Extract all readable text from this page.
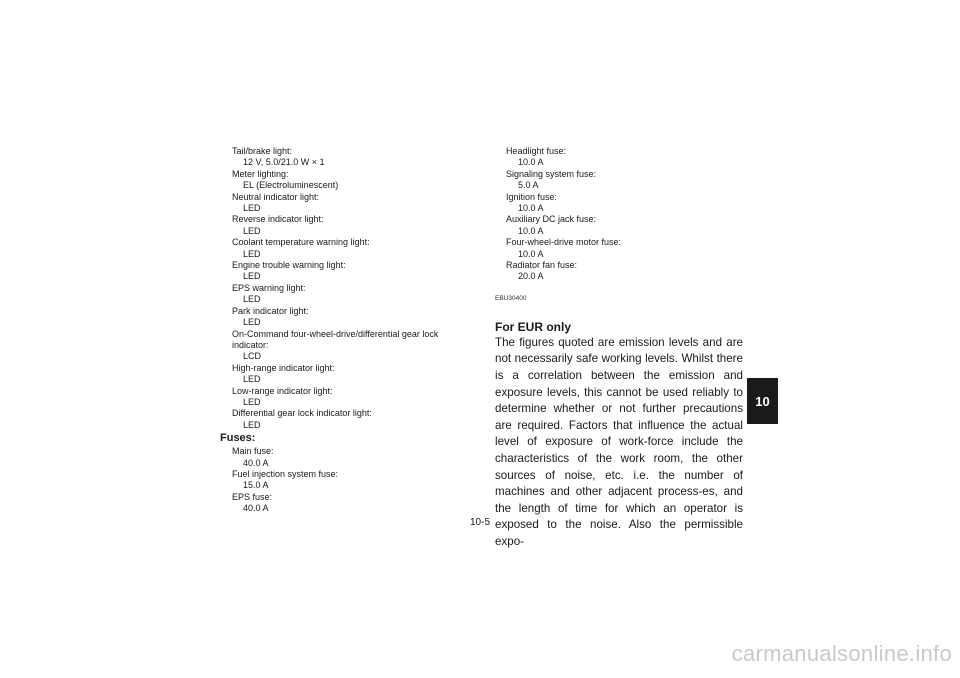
Tail/brake light:
12 V, 5.0/21.0 W × 1
Meter lighting:
EL (Electroluminescent)
Neutral indicator light:
LED
Reverse indicator light:
LED
Coolant temperature warning light:
LED
Engine trouble warning light:
LED
EPS warning light:
LED
Park indicator light:
LED
On-Command four-wheel-drive/differential gear lock
indicator:
LCD
High-range indicator light:
LED
Low-range indicator light:
LED
Differential gear lock indicator light:
LED
Fuses:
Main fuse:
40.0 A
Fuel injection system fuse:
15.0 A
EPS fuse:
40.0 A
Headlight fuse:
10.0 A
Signaling system fuse:
5.0 A
Ignition fuse:
10.0 A
Auxiliary DC jack fuse:
10.0 A
Four-wheel-drive motor fuse:
10.0 A
Radiator fan fuse:
20.0 A
EBU30400
For EUR only

The figures quoted are emission levels and are not necessarily safe working levels. Whilst there is a correlation between the emission and exposure levels, this cannot be used reliably to determine whether or not further precautions are required. Factors that influence the actual level of exposure of work-force include the characteristics of the work room, the other sources of noise, etc. i.e. the number of machines and other adjacent process-es, and the length of time for which an operator is exposed to the noise. Also the permissible expo-

10
10-5
carmanualsonline.info
